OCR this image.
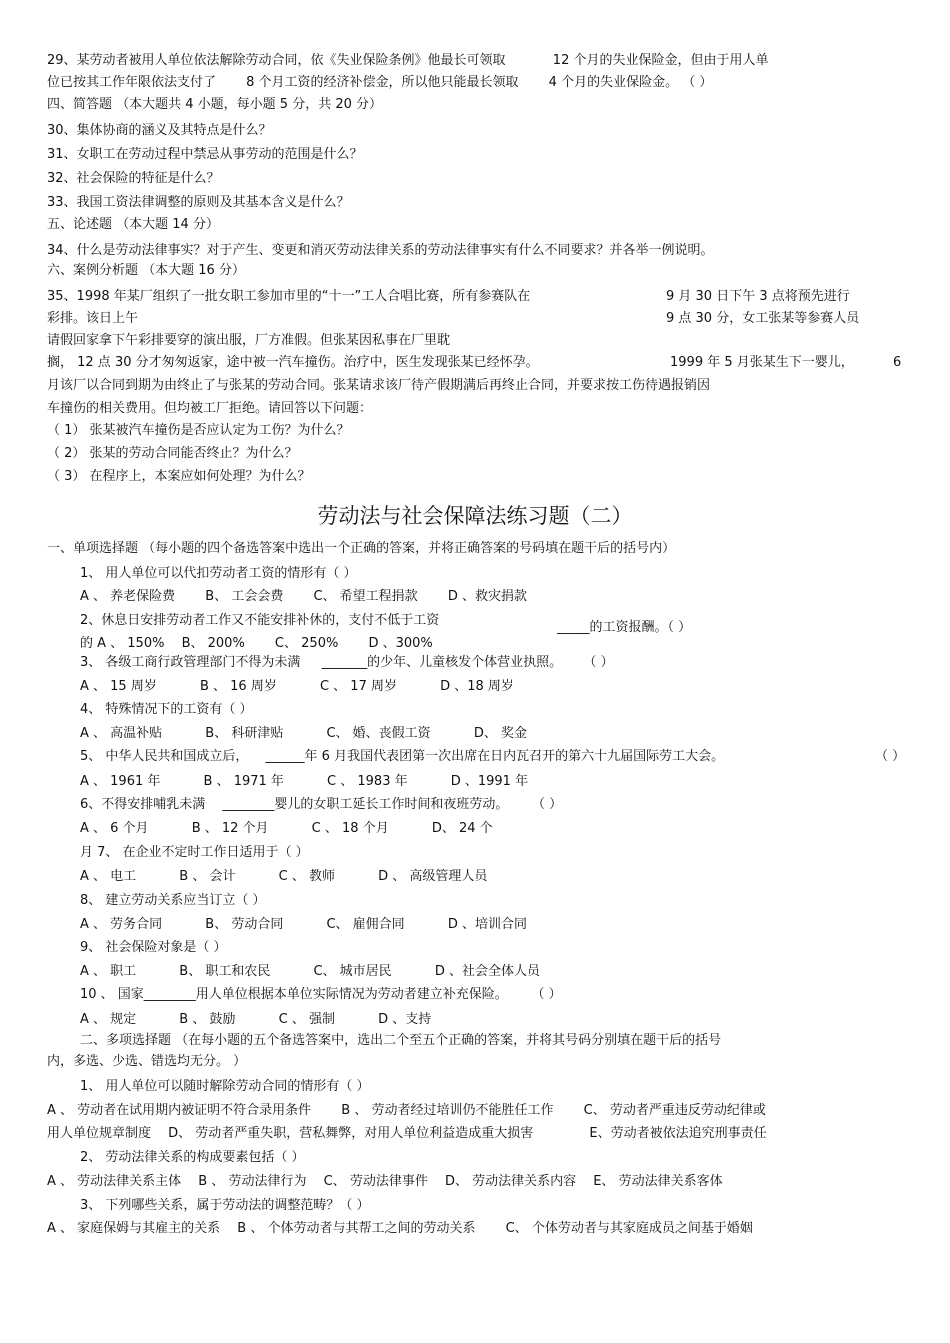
29、某劳动者被用人单位依法解除劳动合同，依《失业保险条例》他最长可领取 　 　　12 个月的失业保险金，但由于用人单
位已按其工作年限依法支付了 　　8 个月工资的经济补偿金，所以他只能最长领取 　　4 个月的失业保险金。 （ ）
四、简答题 （本大题共 4 小题，每小题 5 分，共 20 分）
30、集体协商的涵义及其特点是什么？
31、女职工在劳动过程中禁忌从事劳动的范围是什么？
32、社会保险的特征是什么？
33、我国工资法律调整的原则及其基本含义是什么？
五、论述题 （本大题 14 分）
34、什么是劳动法律事实？对于产生、变更和消灭劳动法律关系的劳动法律事实有什么不同要求？并各举一例说明。
六、案例分析题 （本大题 16 分）
35、1998 年某厂组织了一批女职工参加市里的“十一”工人合唱比赛，所有参赛队在	9 月 30 日下午 3 点将预先进行
彩排。该日上午	9 点 30 分，女工张某等参赛人员
请假回家拿下午彩排要穿的演出服，厂方准假。但张某因私事在厂里耽
搁， 12 点 30 分才匆匆返家，途中被一汽车撞伤。治疗中，医生发现张某已经怀孕。	1999 年 5 月张某生下一婴儿，	6
月该厂以合同到期为由终止了与张某的劳动合同。张某请求该厂待产假期满后再终止合同，并要求按工伤待遇报销因
车撞伤的相关费用。但均被工厂拒绝。请回答以下问题：
（ 1） 张某被汽车撞伤是否应认定为工伤？为什么？
（ 2） 张某的劳动合同能否终止？为什么？
（ 3） 在程序上，本案应如何处理？为什么？
劳动法与社会保障法练习题（二）
一、单项选择题 （每小题的四个备选答案中选出一个正确的答案，并将正确答案的号码填在题干后的括号内）
1、 用人单位可以代扣劳动者工资的情形有（ ）
A 、 养老保险费 　　B、 工会会费 　　C、 希望工程捐款 　　D 、救灾捐款
2、休息日安排劳动者工作又不能安排补休的，支付不低于工资	_____的工资报酬。（ ）
的 A 、 150% 　B、 200% 　　C、 250% 　　D 、300%
3、 各级工商行政管理部门不得为未满 　 _______的少年、儿童核发个体营业执照。 　 （ ）
A 、 15 周岁 　　　B 、 16 周岁 　　　C 、 17 周岁 　　　D 、18 周岁
4、 特殊情况下的工资有（ ）
A 、 高温补贴 　　　B、 科研津贴 　　　C、 婚、丧假工资 　　　D、 奖金
5、 中华人民共和国成立后， 　______年 6 月我国代表团第一次出席在日内瓦召开的第六十九届国际劳工大会。	（ ）
A 、 1961 年 　　　B 、 1971 年 　　　C 、 1983 年 　　　D 、1991 年
6、不得安排哺乳未满 　________婴儿的女职工延长工作时间和夜班劳动。 　　（ ）
A 、 6 个月 　　　B 、 12 个月 　　　C 、 18 个月 　　　D、 24 个
月 7、 在企业不定时工作日适用于（ ）
A 、 电工 　　　B 、 会计 　　　C 、 教师 　　　D 、 高级管理人员
8、 建立劳动关系应当订立（ ）
A 、 劳务合同 　　　B、 劳动合同 　　　C、 雇佣合同 　　　D 、培训合同
9、 社会保险对象是（ ）
A 、 职工 　　　B、 职工和农民 　　　C、 城市居民 　　　D 、社会全体人员
10 、 国家________用人单位根据本单位实际情况为劳动者建立补充保险。 　　（ ）
A 、 规定 　　　B 、 鼓励 　　　C 、 强制 　　　D 、支持
二、多项选择题 （在每小题的五个备选答案中，选出二个至五个正确的答案，并将其号码分别填在题干后的括号
内，多选、少选、错选均无分。 ）
1、 用人单位可以随时解除劳动合同的情形有（ ）
A 、 劳动者在试用期内被证明不符合录用条件 　　B 、 劳动者经过培训仍不能胜任工作 　　C、 劳动者严重违反劳动纪律或
用人单位规章制度 　D、 劳动者严重失职，营私舞弊，对用人单位利益造成重大损害 　　　　E、劳动者被依法追究刑事责任
2、 劳动法律关系的构成要素包括（ ）
A 、 劳动法律关系主体 　B 、 劳动法律行为 　C、 劳动法律事件 　D、 劳动法律关系内容 　E、 劳动法律关系客体
3、 下列哪些关系，属于劳动法的调整范畴？（ ）
A 、 家庭保姆与其雇主的关系 　B 、 个体劳动者与其帮工之间的劳动关系 　　C、 个体劳动者与其家庭成员之间基于婚姻
